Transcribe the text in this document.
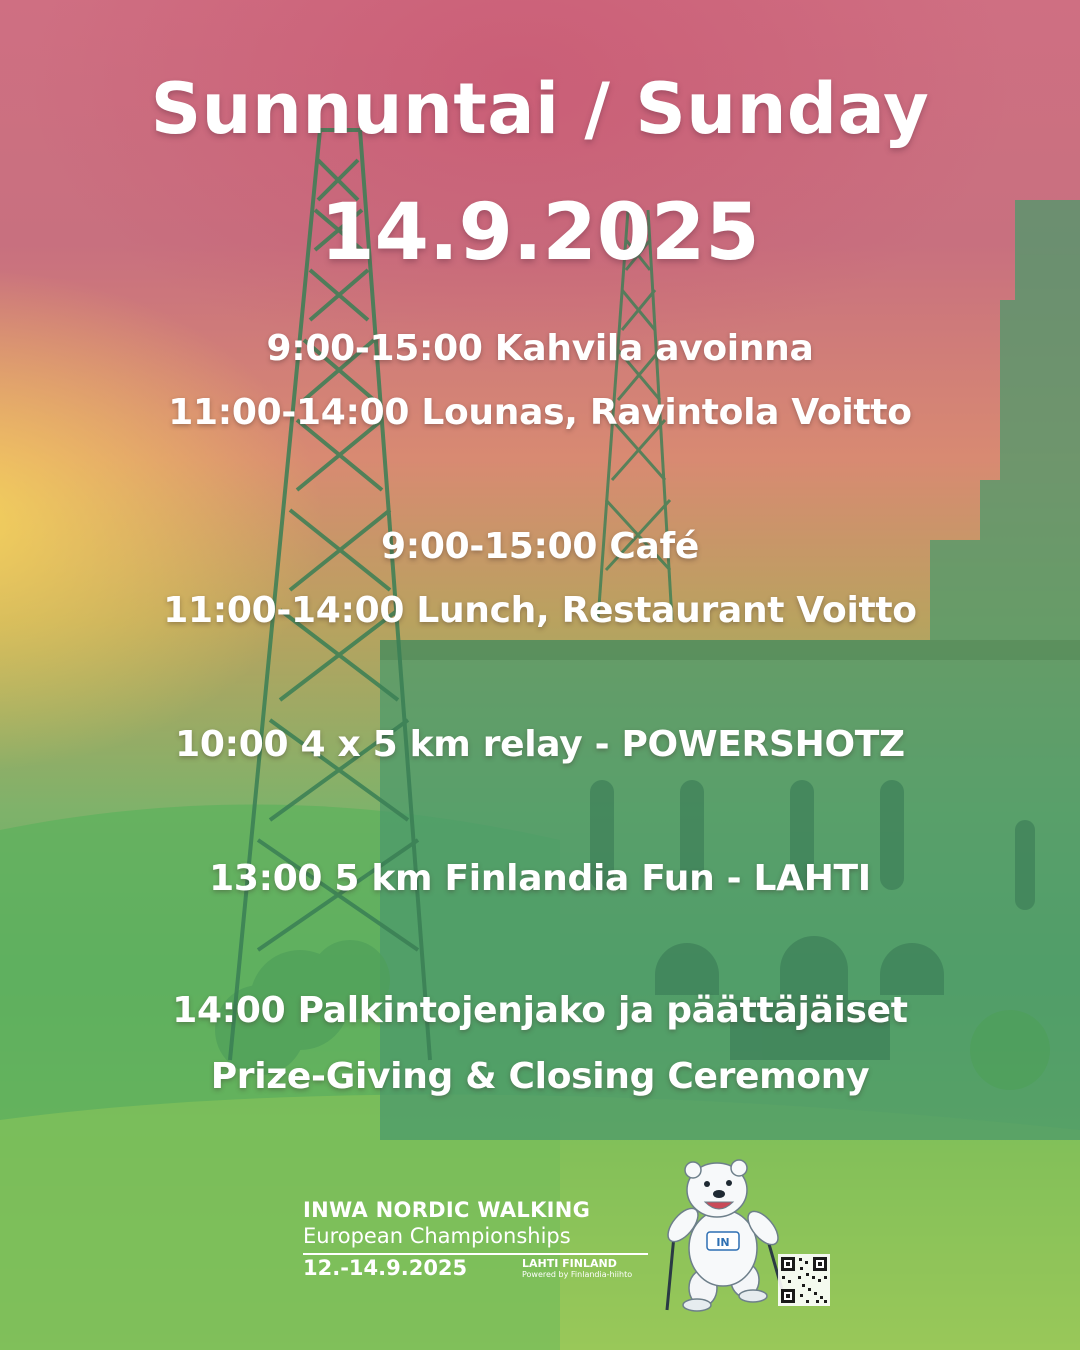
Sunnuntai / Sunday
14.9.2025
9:00-15:00 Kahvila avoinna
11:00-14:00 Lounas, Ravintola Voitto
9:00-15:00 Café
11:00-14:00 Lunch, Restaurant Voitto
10:00 4 x 5 km relay - POWERSHOTZ
13:00 5 km Finlandia Fun - LAHTI
14:00 Palkintojenjako ja päättäjäiset
Prize-Giving & Closing Ceremony
INWA NORDIC WALKING
European Championships
12.-14.9.2025	LAHTI FINLAND
Powered by Finlandia-hiihto
IN
